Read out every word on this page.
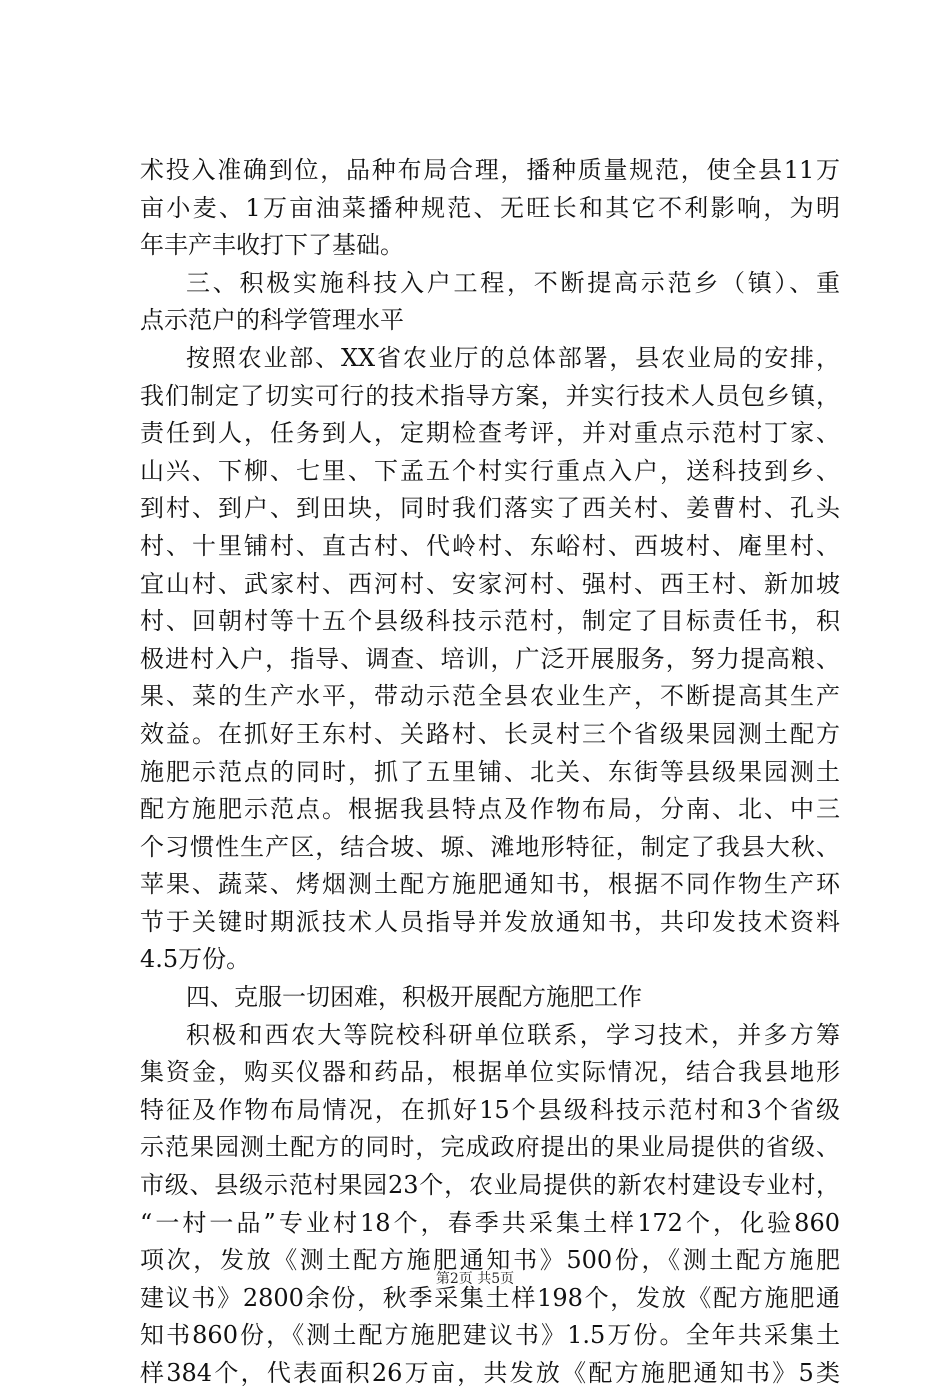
术投入准确到位，品种布局合理，播种质量规范，使全县11万
亩小麦、1万亩油菜播种规范、无旺长和其它不利影响，为明
年丰产丰收打下了基础。
三、积极实施科技入户工程，不断提高示范乡（镇）、重
点示范户的科学管理水平
按照农业部、XX省农业厅的总体部署，县农业局的安排，
我们制定了切实可行的技术指导方案，并实行技术人员包乡镇，
责任到人，任务到人，定期检查考评，并对重点示范村丁家、
山兴、下柳、七里、下孟五个村实行重点入户，送科技到乡、
到村、到户、到田块，同时我们落实了西关村、姜曹村、孔头
村、十里铺村、直古村、代岭村、东峪村、西坡村、庵里村、
宜山村、武家村、西河村、安家河村、强村、西王村、新加坡
村、回朝村等十五个县级科技示范村，制定了目标责任书，积
极进村入户，指导、调查、培训，广泛开展服务，努力提高粮、
果、菜的生产水平，带动示范全县农业生产，不断提高其生产
效益。在抓好王东村、关路村、长灵村三个省级果园测土配方
施肥示范点的同时，抓了五里铺、北关、东街等县级果园测土
配方施肥示范点。根据我县特点及作物布局，分南、北、中三
个习惯性生产区，结合坡、塬、滩地形特征，制定了我县大秋、
苹果、蔬菜、烤烟测土配方施肥通知书，根据不同作物生产环
节于关键时期派技术人员指导并发放通知书，共印发技术资料
4.5万份。
四、克服一切困难，积极开展配方施肥工作
积极和西农大等院校科研单位联系，学习技术，并多方筹
集资金，购买仪器和药品，根据单位实际情况，结合我县地形
特征及作物布局情况，在抓好15个县级科技示范村和3个省级
示范果园测土配方的同时，完成政府提出的果业局提供的省级、
市级、县级示范村果园23个，农业局提供的新农村建设专业村，
“一村一品”专业村18个，春季共采集土样172个，化验860
项次，发放《测土配方施肥通知书》500份，《测土配方施肥
建议书》2800余份，秋季采集土样198个，发放《配方施肥通
知书860份，《测土配方施肥建议书》1.5万份。全年共采集土
样384个，代表面积26万亩，共发放《配方施肥通知书》5类
第2页 共5页
